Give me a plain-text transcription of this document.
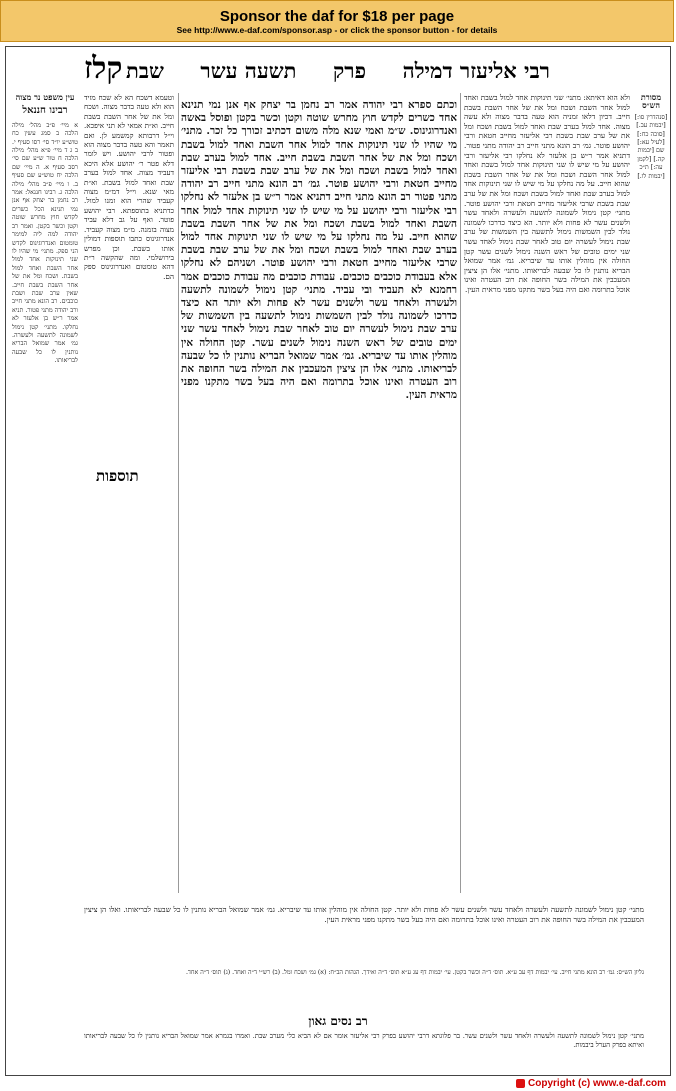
Sponsor the daf for $18 per page
See http://www.e-daf.com/sponsor.asp - or click the sponsor button - for details
קלז	רבי אליעזר דמילה
פרק
תשעה עשר
שבת

מסורת הש״ס

[סנהדרין סו:] [יבמות עב.] [סוכה כח:] [לעיל עא:] שם [יבמות קה.] [לקמן עה:] ת״כ [יבמות לו.]

ולא הוא דאיתא: מתני׳ שני תינוקות אחד למול בשבת ואחד למול אחר השבת ושכח ומל את של אחר השבת בשבת חייב. דכיון דלאו זמניה הוא טעה בדבר מצוה ולא עשה מצוה. אחד למול בערב שבת ואחד למול בשבת ושכח ומל את של ערב שבת בשבת רבי אליעזר מחייב חטאת ורבי יהושע פוטר. גמ׳ רב הונא מתני חייב רב יהודה מתני פטור. דתניא אמר ר״ש בן אלעזר לא נחלקו רבי אליעזר ורבי יהושע על מי שיש לו שני תינוקות אחד למול בשבת ואחד למול אחר השבת ושכח ומל את של אחר השבת בשבת שהוא חייב. על מה נחלקו על מי שיש לו שני תינוקות אחד למול בערב שבת ואחד למול בשבת ושכח ומל את של ערב שבת בשבת שרבי אליעזר מחייב חטאת ורבי יהושע פוטר. מתני׳ קטן נימול לשמונה לתשעה ולעשרה ולאחד עשר ולשנים עשר לא פחות ולא יותר. הא כיצד כדרכו לשמונה נולד לבין השמשות נימול לתשעה בין השמשות של ערב שבת נימול לעשרה יום טוב לאחר שבת נימול לאחד עשר שני ימים טובים של ראש השנה נימול לשנים עשר קטן החולה אין מוהלין אותו עד שיבריא. גמ׳ אמר שמואל הבריא נותנין לו כל שבעה לבריאותו. מתני׳ אלו הן ציצין המעכבין את המילה בשר החופה את רוב העטרה ואינו אוכל בתרומה ואם היה בעל בשר מתקנו מפני מראית העין.

וכתם ספרא רבי יהודה אמר רב נחמן בר יצחק אף אנן נמי תנינא אחד כשרים לקדש חוץ מחרש שוטה וקטן וכשר בקטן ופוסל באשה ואנדרוגינוס. ש״מ ואמי שנא מלה משום דכתיב זכורך כל זכר. מתני׳ מי שהיו לו שני תינוקות אחד למול אחר השבת ואחד למול בשבת ושכח ומל את של אחר השבת בשבת חייב. אחד למול בערב שבת ואחד למול בשבת ושכח ומל את של ערב שבת בשבת רבי אליעזר מחייב חטאת ורבי יהושע פוטר. גמ׳ רב הונא מתני חייב רב יהודה מתני פטור רב הונא מתני חייב דתניא אמר ר״ש בן אלעזר לא נחלקו רבי אליעזר ורבי יהושע על מי שיש לו שני תינוקות אחד למול אחר השבת ואחד למול בשבת ושכח ומל את של אחר השבת בשבת שהוא חייב. על מה נחלקו על מי שיש לו שני תינוקות אחד למול בערב שבת ואחד למול בשבת ושכח ומל את של ערב שבת בשבת שרבי אליעזר מחייב חטאת ורבי יהושע פוטר. ושניהם לא נחלקו אלא בעבודת כוכבים כוכבים. עבודת כוכבים מה עבודת כוכבים אמר רחמנא לא תעביד ובי עביד. מתני׳ קטן נימול לשמונה לתשעה ולעשרה ולאחד עשר ולשנים עשר לא פחות ולא יותר הא כיצד כדרכו לשמונה נולד לבין השמשות נימול לתשעה בין השמשות של ערב שבת נימול לעשרה יום טוב לאחר שבת נימול לאחד עשר שני ימים טובים של ראש השנה נימול לשנים עשר. קטן החולה אין מוהלין אותו עד שיבריא. גמ׳ אמר שמואל הבריא נותנין לו כל שבעה לבריאותו. מתני׳ אלו הן ציצין המעכבין את המילה בשר החופה את רוב העטרה ואינו אוכל בתרומה ואם היה בעל בשר מתקנו מפני מראית העין.

וטעמא דשכח הא לא שכח מזיד הוא ולא טעה בדבר מצוה. ושכח ומל את של אחר השבת בשבת חייב. וא״ת אמאי לא תני איפכא. וי״ל דרבותא קמשמע לן. ואם תאמר והא טעה בדבר מצוה הוא ופטור לרבי יהושע. ויש לומר דלא פטר ר׳ יהושע אלא היכא דעביד מצוה. אחד למול בערב שבת ואחד למול בשבת. וא״ת מאי שנא. וי״ל דמ״מ מצוה קעביד שהרי הוא זמנו למול. כדתניא בתוספתא. רבי יהושע פוטר. ואף על גב דלא עביד מצוה בזמנה. מ״מ מצוה קעביד. אנדרוגינוס כתבו תוספות דמולין אותו בשבת. וכן מפרש בירושלמי. ומה שהקשה ר״ת דהא טומטום ואנדרוגינוס ספק הם.

תוספות

עין משפט נר מצוה

רבינו חננאל

א מיי׳ פ״ב מהל׳ מילה הלכה ב סמג עשין כח טוש״ע יו״ד סי׳ רסו סעיף י. ב ג ד מיי׳ פ״א מהל׳ מילה הלכה ח טור ש״ע שם סי׳ רסב סעיף א. ה מיי׳ שם הלכה יח טוש״ע שם סעיף ב. ו מיי׳ פ״ב מהל׳ מילה הלכה ג. רבינו חננאל: אמר רב נחמן בר יצחק אף אנן נמי תנינא הכל כשרים לקדש חוץ מחרש שוטה וקטן וכשר בקטן. ואמר רב יהודה למה ליה למימר טומטום ואנדרוגינוס לקדש הני ספק. מתני׳ מי שהיו לו שני תינוקות אחד למול אחר השבת ואחד למול בשבת. ושכח ומל את של אחר השבת בשבת חייב. שאין ערב שבת ושבת כוכבים. רב הונא מתני חייב ורב יהודה מתני פטור. תניא אמר ר״ש בן אלעזר לא נחלקו. מתני׳ קטן נימול לשמונה לתשעה ולעשרה. גמ׳ אמר שמואל הבריא נותנין לו כל שבעה לבריאותו.

מתני׳ קטן נימול לשמונה לתשעה ולעשרה ולאחד עשר ולשנים עשר לא פחות ולא יותר. קטן החולה אין מוהלין אותו עד שיבריא. גמ׳ אמר שמואל הבריא נותנין לו כל שבעה לבריאותו. ואלו הן ציצין המעכבין את המילה בשר החופה את רוב העטרה ואינו אוכל בתרומה ואם היה בעל בשר מתקנו מפני מראית העין.

גליון הש״ס: גמ׳ רב הונא מתני חייב. עי׳ יבמות דף עב ע״א. תוס׳ ד״ה וכשר בקטן. עי׳ יבמות דף עג ע״א תוס׳ ד״ה ואידך. הגהות הב״ח: (א) גמ׳ ושכח ומל. (ב) רש״י ד״ה ואחד. (ג) תוס׳ ד״ה אחד.

רב נסים גאון

מתני׳ קטן נימול לשמונה לתשעה ולעשרה ולאחד עשר ולשנים עשר. בר פלוגתא דרבי יהושע בפרק רבי אליעזר אומר אם לא הביא כלי מערב שבת. ואמרו בגמרא אמר שמואל הבריא נותנין לו כל שבעה לבריאותו ואיתא בפרק הערל ביבמות.

Copyright (c) www.e-daf.com
